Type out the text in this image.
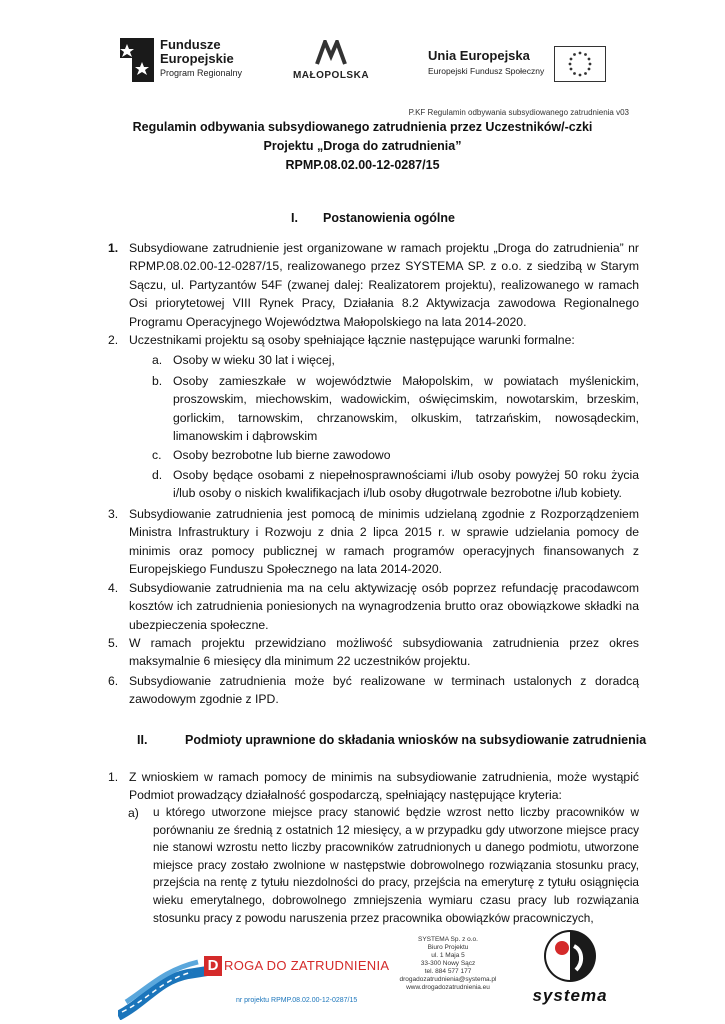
Fundusze
Europejskie
Program Regionalny	MAŁOPOLSKA
Unia Europejska
Europejski Fundusz Społeczny
P.KF Regulamin odbywania subsydiowanego zatrudnienia v03
Regulamin odbywania subsydiowanego zatrudnienia przez Uczestników/-czki
Projektu „Droga do zatrudnienia”
RPMP.08.02.00-12-0287/15
I. Postanowienia ogólne
1. Subsydiowane zatrudnienie jest organizowane w ramach projektu „Droga do zatrudnienia” nr RPMP.08.02.00-12-0287/15, realizowanego przez SYSTEMA SP. z o.o. z siedzibą w Starym Sączu, ul. Partyzantów 54F (zwanej dalej: Realizatorem projektu), realizowanego w ramach Osi priorytetowej VIII Rynek Pracy, Działania 8.2 Aktywizacja zawodowa Regionalnego Programu Operacyjnego Województwa Małopolskiego na lata 2014-2020.
2. Uczestnikami projektu są osoby spełniające łącznie następujące warunki formalne:
a. Osoby w wieku 30 lat i więcej,
b. Osoby zamieszkałe w województwie Małopolskim, w powiatach myślenickim, proszowskim, miechowskim, wadowickim, oświęcimskim, nowotarskim, brzeskim, gorlickim, tarnowskim, chrzanowskim, olkuskim, tatrzańskim, nowosądeckim, limanowskim i dąbrowskim
c. Osoby bezrobotne lub bierne zawodowo
d. Osoby będące osobami z niepełnosprawnościami i/lub osoby powyżej 50 roku życia i/lub osoby o niskich kwalifikacjach i/lub osoby długotrwale bezrobotne i/lub kobiety.
3. Subsydiowanie zatrudnienia jest pomocą de minimis udzielaną zgodnie z Rozporządzeniem Ministra Infrastruktury i Rozwoju z dnia 2 lipca 2015 r. w sprawie udzielania pomocy de minimis oraz pomocy publicznej w ramach programów operacyjnych finansowanych z Europejskiego Funduszu Społecznego na lata 2014-2020.
4. Subsydiowanie zatrudnienia ma na celu aktywizację osób poprzez refundację pracodawcom kosztów ich zatrudnienia poniesionych na wynagrodzenia brutto oraz obowiązkowe składki na ubezpieczenia społeczne.
5. W ramach projektu przewidziano możliwość subsydiowania zatrudnienia przez okres maksymalnie 6 miesięcy dla minimum 22 uczestników projektu.
6. Subsydiowanie zatrudnienia może być realizowane w terminach ustalonych z doradcą zawodowym zgodnie z IPD.
II.	Podmioty uprawnione do składania wniosków na subsydiowanie zatrudnienia
1. Z wnioskiem w ramach pomocy de minimis na subsydiowanie zatrudnienia, może wystąpić Podmiot prowadzący działalność gospodarczą, spełniający następujące kryteria:
a) u którego utworzone miejsce pracy stanowić będzie wzrost netto liczby pracowników w porównaniu ze średnią z ostatnich 12 miesięcy, a w przypadku gdy utworzone miejsce pracy nie stanowi wzrostu netto liczby pracowników zatrudnionych u danego podmiotu, utworzone miejsce pracy zostało zwolnione w następstwie dobrowolnego rozwiązania stosunku pracy, przejścia na rentę z tytułu niezdolności do pracy, przejścia na emeryturę z tytułu osiągnięcia wieku emerytalnego, dobrowolnego zmniejszenia wymiaru czasu pracy lub rozwiązania stosunku pracy z powodu naruszenia przez pracownika obowiązków pracowniczych,
D ROGA DO ZATRUDNIENIA
nr projektu RPMP.08.02.00-12-0287/15
SYSTEMA Sp. z o.o.
Biuro Projektu
ul. 1 Maja 5
33-300 Nowy Sącz
tel. 884 577 177
drogadozatrudnienia@systema.pl
www.drogadozatrudnienia.eu	systema
